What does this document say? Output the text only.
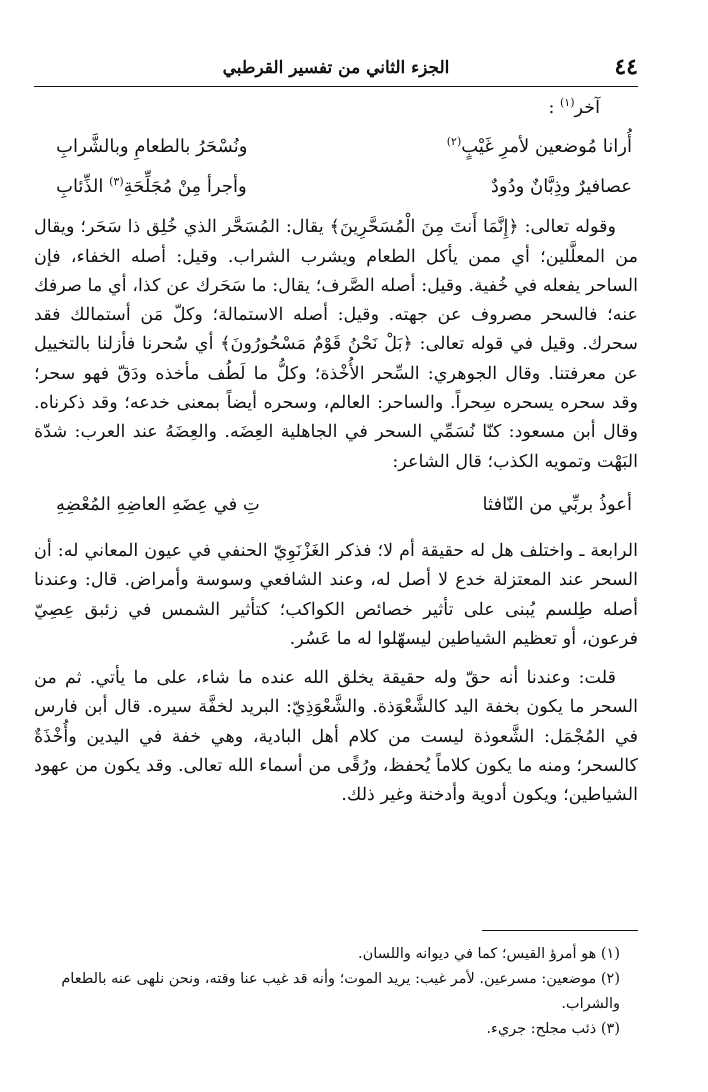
٤٤
الجزء الثاني من تفسير القرطبي

آخر$^{(١)}$ :

أُرانا مُوضعين لأمرِ غَيْبٍ$^{(٢)}$
ونُسْحَرُ بالطعامِ وبالشَّرابِ
عصافيرٌ وذِبَّانٌ ودُودٌ
وأجرأ مِنْ مُجَلِّحَةِ$^{(٣)}$ الذِّئابِ

وقوله تعالى: ﴿إِنَّمَا أَنتَ مِنَ الْمُسَحَّرِينَ﴾ يقال: المُسَحَّر الذي خُلِق ذا سَحَر؛ ويقال من المعلَّلين؛ أي ممن يأكل الطعام ويشرب الشراب. وقيل: أصله الخفاء، فإن الساحر يفعله في خُفية. وقيل: أصله الصَّرف؛ يقال: ما سَحَرك عن كذا، أي ما صرفك عنه؛ فالسحر مصروف عن جهته. وقيل: أصله الاستمالة؛ وكلّ مَن أستمالك فقد سحرك. وقيل في قوله تعالى: ﴿بَلْ نَحْنُ قَوْمٌ مَسْحُورُونَ﴾ أي سُحرنا فأزلنا بالتخييل عن معرفتنا. وقال الجوهري: السِّحر الأُخْذة؛ وكلُّ ما لَطُف مأخذه ودَقّ فهو سحر؛ وقد سحره يسحره سِحراً. والساحر: العالم، وسحره أيضاً بمعنى خدعه؛ وقد ذكرناه. وقال أبن مسعود: كنّا نُسَمِّي السحر في الجاهلية العِضَه. والعِضَهُ عند العرب: شدّة البَهْت وتمويه الكذب؛ قال الشاعر:

أعوذُ بربِّي من النّافثا
تِ في عِضَهِ العاضِهِ المُعْضِهِ

الرابعة ـ واختلف هل له حقيقة أم لا؛ فذكر الغَزْنَوِيّ الحنفي في عيون المعاني له: أن السحر عند المعتزلة خدع لا أصل له، وعند الشافعي وسوسة وأمراض. قال: وعندنا أصله طِلسم يُبنى على تأثير خصائص الكواكب؛ كتأثير الشمس في زئبق عِصِيّ فرعون، أو تعظيم الشياطين ليسهّلوا له ما عَسُر.

قلت: وعندنا أنه حقّ وله حقيقة يخلق الله عنده ما شاء، على ما يأتي. ثم من السحر ما يكون بخفة اليد كالشَّعْوَذة. والشَّعْوَذِيّ: البريد لخفَّة سيره. قال أبن فارس في المُجْمَل: الشَّعوذة ليست من كلام أهل البادية، وهي خفة في اليدين وأُخْذَةٌ كالسحر؛ ومنه ما يكون كلاماً يُحفظ، ورُقًى من أسماء الله تعالى. وقد يكون من عهود الشياطين؛ ويكون أدوية وأدخنة وغير ذلك.

(١) هو أمرؤ القيس؛ كما في ديوانه واللسان.

(٢) موضعين: مسرعين. لأمر غيب: يريد الموت؛ وأنه قد غيب عنا وقته، ونحن نلهى عنه بالطعام والشراب.

(٣) ذئب مجلح: جريء.
